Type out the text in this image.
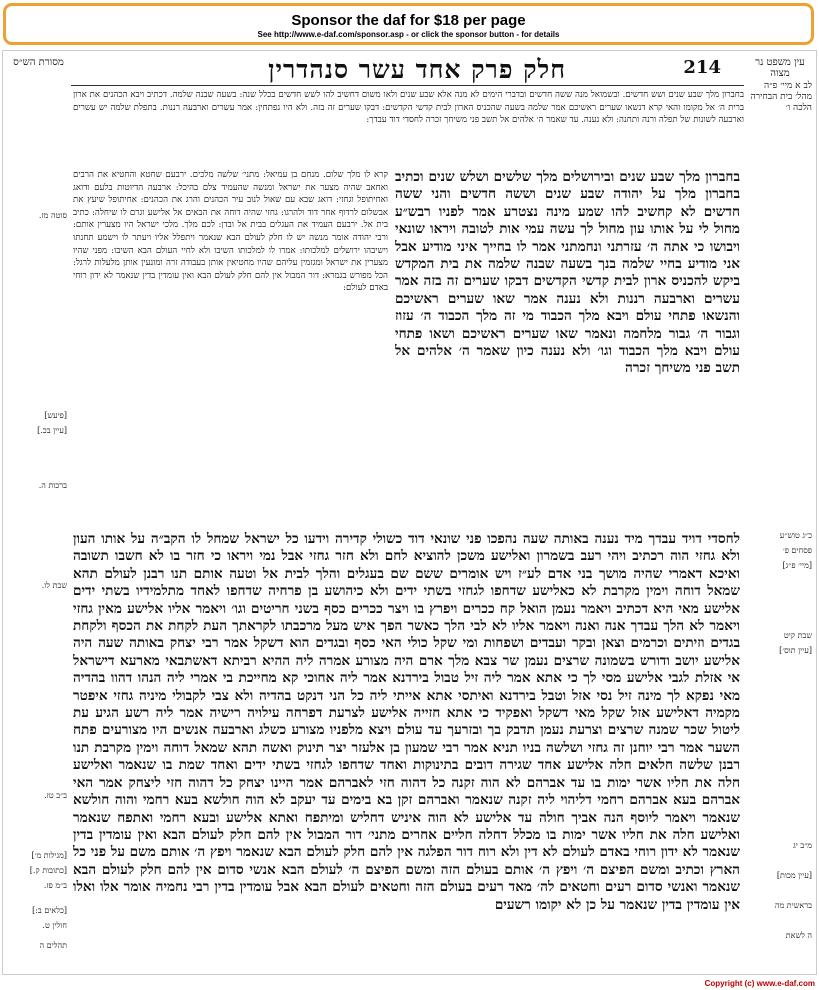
Sponsor the daf for $18 per page
See http://www.e-daf.com/sponsor.asp - or click the sponsor button - for details
עין משפט נר מצוה
לב א מיי׳ פ״ה מהל׳ בית הבחירה הלכה ו׳
214
חלק פרק אחד עשר סנהדרין
מסורת הש״ס
בחברון מלך שבע שנים ושש חדשים. ובשמואל מנה ששה חדשים ובדברי הימים לא מנה אלא שבע שנים ולאו משום דחשיב להו לשש חדשים בכלל שנה: בשעה שבנה שלמה. דכתיב ויבא הכהנים את ארון ברית ה׳ אל מקומו והאי קרא דנשאו שערים ראשיכם אמר שלמה בשעה שהכניס הארון לבית קדשי הקדשים: דבקו שערים זה בזה. ולא היו נפתחין: אמר עשרים וארבעה רננות. בתפלת שלמה יש עשרים וארבעה לשונות של תפלה ורנה ותחנה: ולא נענה. עד שאמר ה׳ אלהים אל תשב פני משיחך זכרה לחסדי דוד עבדך:
קרא לו מלך שלום. מנחם בן עמיאל: מתני׳ שלשה מלכים. ירבעם שחטא והחטיא את הרבים ואחאב שהיה מצער את ישראל ומנשה שהעמיד צלם בהיכל: ארבעה הדיוטות בלעם ודואג ואחיתופל וגחזי: דואג שבא עם שאול לנוב עיר הכהנים והרג את הכהנים: אחיתופל שיעץ את אבשלום לרדוף אחר דוד ולהרגו: גחזי שהיה דוחה את הבאים אל אלישע וגרם לו שיחלה: כתיב בית אל. ירבעם העמיד את העגלים בבית אל ובדן: לכם מלך. מלכי ישראל היו מצערין אותם: ורבי יהודה אומר מנשה יש לו חלק לעולם הבא שנאמר ויתפלל אליו ויעתר לו וישמע תחנתו וישיבהו ירושלים למלכותו: אמרו לו למלכותו השיבו ולא לחיי העולם הבא השיבו: מפני שהיו מצערין את ישראל ומגזמין עליהם שהיו מחטיאין אותן בעבודה זרה ומונעין אותן מלעלות לרגל: הכל מפורש בגמרא: דור המבול אין להם חלק לעולם הבא ואין עומדין בדין שנאמר לא ידון רוחי באדם לעולם:
בחברון מלך שבע שנים ובירושלים מלך שלשים ושלש שנים וכתיב בחברון מלך על יהודה שבע שנים וששה חדשים והני ששה חדשים לא קחשיב להו שמע מינה נצטרע אמר לפניו רבש״ע מחול לי על אותו עון מחול לך עשה עמי אות לטובה ויראו שונאי ויבושו כי אתה ה׳ עזרתני ונחמתני אמר לו בחייך איני מודיע אבל אני מודיע בחיי שלמה בנך בשעה שבנה שלמה את בית המקדש ביקש להכניס ארון לבית קדשי הקדשים דבקו שערים זה בזה אמר עשרים וארבעה רננות ולא נענה אמר שאו שערים ראשיכם והנשאו פתחי עולם ויבא מלך הכבוד מי זה מלך הכבוד ה׳ עזוז וגבור ה׳ גבור מלחמה ונאמר שאו שערים ראשיכם ושאו פתחי עולם ויבא מלך הכבוד וגו׳ ולא נענה כיון שאמר ה׳ אלהים אל תשב פני משיחך זכרה
לחסדי דויד עבדך מיד נענה באותה שעה נהפכו פני שונאי דוד כשולי קדירה וידעו כל ישראל שמחל לו הקב״ה על אותו העון ולא גחזי הוה רכתיב ויהי רעב בשמרון ואלישע משכן להוציא לחם ולא חזר גחזי אבל נמי ויראו כי חזר בו לא חשבו תשובה ואיכא דאמרי שהיה מושך בני אדם לע״ז ויש אומרים ששם שם בעגלים והלך לבית אל וטעה אותם תנו רבנן לעולם תהא שמאל דוחה וימין מקרבת לא כאלישע שדחפו לגחזי בשתי ידים ולא כיהושע בן פרחיה שדחפו לאחד מתלמידיו בשתי ידים אלישע מאי היא דכתיב ויאמר נעמן הואל קח ככרים ויפרץ בו ויצר ככרים כסף בשני חריטים וגו׳ ויאמר אליו אלישע מאין גחזי ויאמר לא הלך עבדך אנה ואנה ויאמר אליו לא לבי הלך כאשר הפך איש מעל מרכבתו לקראתך העת לקחת את הכסף ולקחת בגדים וזיתים וכרמים וצאן ובקר ועבדים ושפחות ומי שקל כולי האי כסף ובגדים הוא דשקל אמר רבי יצחק באותה שעה היה אלישע יושב ודורש בשמונה שרצים נעמן שר צבא מלך ארם היה מצורע אמרה ליה ההיא רביתא דאשתבאי מארעא דישראל אי אזלת לגבי אלישע מסי לך כי אתא אמר ליה זיל טבול בירדנא אמר ליה אחוכי קא מחייכת בי אמרי ליה הנהו דהוו בהדיה מאי נפקא לך מינה זיל נסי אזל וטבל בירדנא ואיתסי אתא אייתי ליה כל הני דנקט בהדיה ולא צבי לקבולי מיניה גחזי איפטר מקמיה דאלישע אזל שקל מאי דשקל ואפקיד כי אתא חזייה אלישע לצרעת דפרחה עילויה רישיה אמר ליה רשע הגיע עת ליטול שכר שמנה שרצים וצרעת נעמן תדבק בך ובזרעך עד עולם ויצא מלפניו מצורע כשלג וארבעה אנשים היו מצורעים פתח השער אמר רבי יוחנן זה גחזי ושלשה בניו תניא אמר רבי שמעון בן אלעזר יצר תינוק ואשה תהא שמאל דוחה וימין מקרבת תנו רבנן שלשה חלאים חלה אלישע אחד שגירה דובים בתינוקות ואחד שדחפו לגחזי בשתי ידים ואחד שמת בו שנאמר ואלישע חלה את חליו אשר ימות בו עד אברהם לא הוה זקנה כל דהוה חזי לאברהם אמר היינו יצחק כל דהוה חזי ליצחק אמר האי אברהם בעא אברהם רחמי דליהוי ליה זקנה שנאמר ואברהם זקן בא בימים עד יעקב לא הוה חולשא בעא רחמי והוה חולשא שנאמר ויאמר ליוסף הנה אביך חולה עד אלישע לא הוה איניש דחליש ומיתפח ואתא אלישע ובעא רחמי ואתפח שנאמר ואלישע חלה את חליו אשר ימות בו מכלל דחלה חליים אחרים מתני׳ דור המבול אין להם חלק לעולם הבא ואין עומדין בדין שנאמר לא ידון רוחי באדם לעולם לא דין ולא רוח דור הפלגה אין להם חלק לעולם הבא שנאמר ויפץ ה׳ אותם משם על פני כל הארץ וכתיב ומשם הפיצם ה׳ ויפץ ה׳ אותם בעולם הזה ומשם הפיצם ה׳ לעולם הבא אנשי סדום אין להם חלק לעולם הבא שנאמר ואנשי סדום רעים וחטאים לה׳ מאד רעים בעולם הזה וחטאים לעולם הבא אבל עומדין בדין רבי נחמיה אומר אלו ואלו אין עומדין בדין שנאמר על כן לא יקומו רשעים
סוטה מז.
[פיעש]
[עיין בכ.]
ברכות ה.
שבת לו.
ב״ב טז.
[מגילות מ׳]
[כתובות ק.]
ב״מ פז.
[כלאים ב:]
חולין ט.
תהלים ה
כ״ג טוש״ע
פסחים פ׳
[מיי׳ פ״ג]
שבת קיט
[עיין תוס׳]
מ״ב יג
[עיין מכות]
בראשית מה
ה לשאת
Copyright (c) www.e-daf.com
